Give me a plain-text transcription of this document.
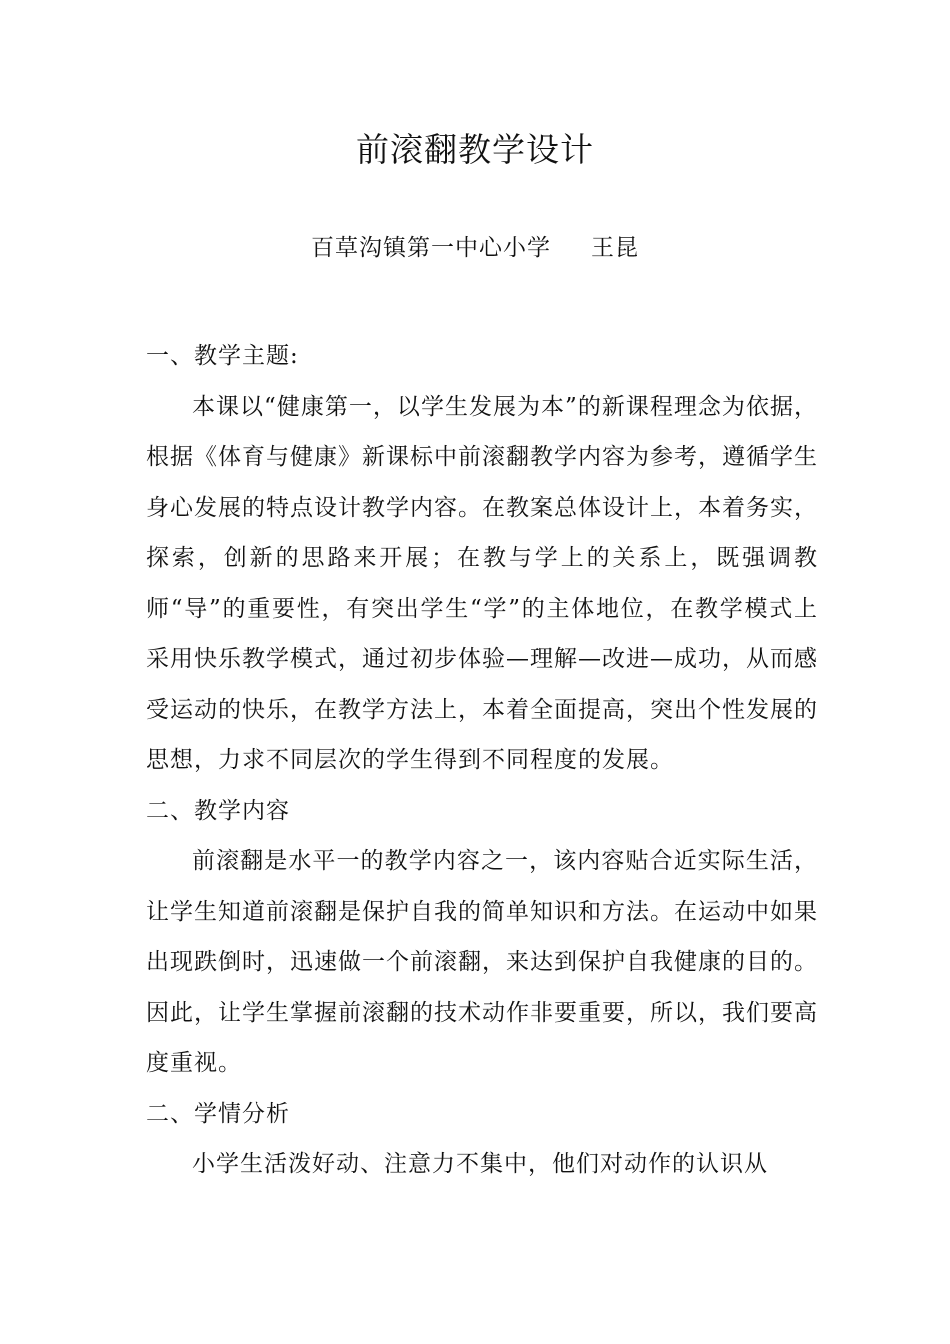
前滚翻教学设计
百草沟镇第一中心小学 王昆
一、教学主题:

本课以“健康第一，以学生发展为本”的新课程理念为依据，根据《体育与健康》新课标中前滚翻教学内容为参考，遵循学生身心发展的特点设计教学内容。在教案总体设计上，本着务实，探索，创新的思路来开展；在教与学上的关系上，既强调教师“导”的重要性，有突出学生“学”的主体地位，在教学模式上采用快乐教学模式，通过初步体验—理解—改进—成功，从而感受运动的快乐，在教学方法上，本着全面提高，突出个性发展的思想，力求不同层次的学生得到不同程度的发展。

二、教学内容

前滚翻是水平一的教学内容之一，该内容贴合近实际生活，让学生知道前滚翻是保护自我的简单知识和方法。在运动中如果出现跌倒时，迅速做一个前滚翻，来达到保护自我健康的目的。因此，让学生掌握前滚翻的技术动作非要重要，所以，我们要高度重视。

二、学情分析

小学生活泼好动、注意力不集中，他们对动作的认识从
